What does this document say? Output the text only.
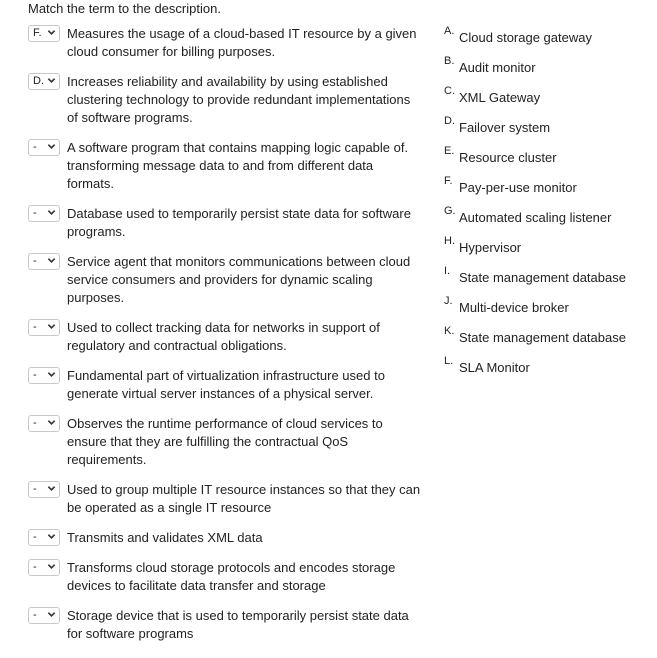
Match the term to the description.
F. Measures the usage of a cloud-based IT resource by a given
cloud consumer for billing purposes.
D. Increases reliability and availability by using established
clustering technology to provide redundant implementations
of software programs.
- A software program that contains mapping logic capable of.
transforming message data to and from different data
formats.
- Database used to temporarily persist state data for software
programs.
- Service agent that monitors communications between cloud
service consumers and providers for dynamic scaling
purposes.
- Used to collect tracking data for networks in support of
regulatory and contractual obligations.
- Fundamental part of virtualization infrastructure used to
generate virtual server instances of a physical server.
- Observes the runtime performance of cloud services to
ensure that they are fulfilling the contractual QoS
requirements.
- Used to group multiple IT resource instances so that they can
be operated as a single IT resource
- Transmits and validates XML data
- Transforms cloud storage protocols and encodes storage
devices to facilitate data transfer and storage
- Storage device that is used to temporarily persist state data
for software programs
A. Cloud storage gateway
B. Audit monitor
C. XML Gateway
D. Failover system
E. Resource cluster
F. Pay-per-use monitor
G. Automated scaling listener
H. Hypervisor
I. State management database
J. Multi-device broker
K. State management database
L. SLA Monitor
